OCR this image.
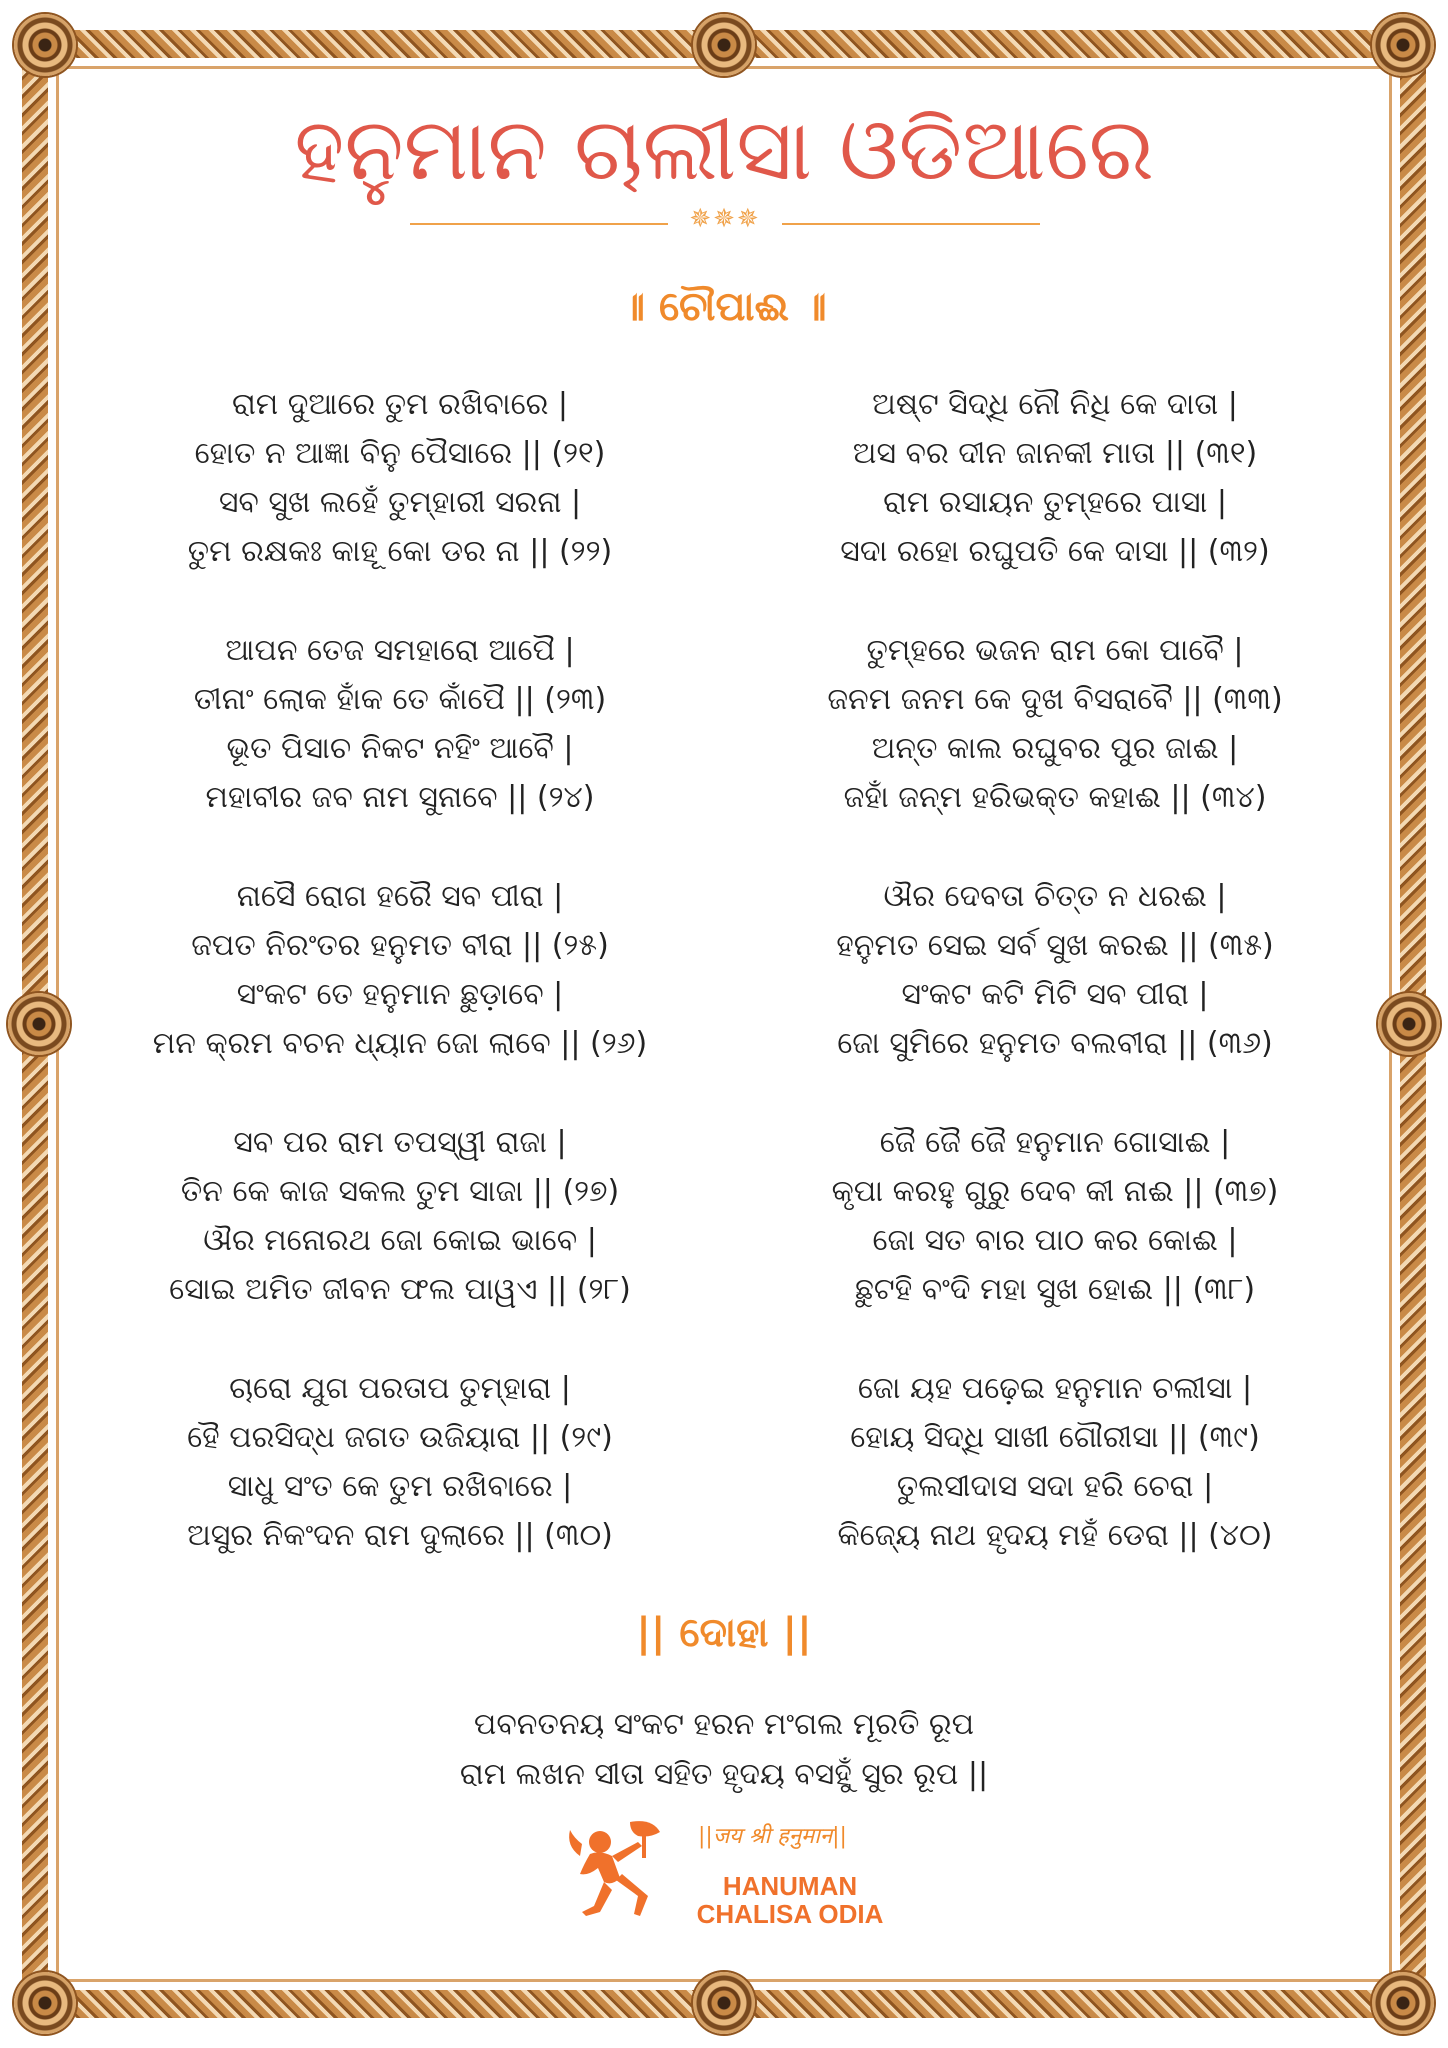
ହନୁମାନ ଚାଲୀସା ଓଡିଆରେ
✵✵✵
॥ ଚୌପାଈ ॥
ରାମ ଦୁଆରେ ତୁମ ରଖିବାରେ |
ହୋତ ନ ଆଜ୍ଞା ବିନୁ ପୈସାରେ || (୨୧)
ସବ ସୁଖ ଲହେଁ ତୁମ୍ହାରୀ ସରନା |
ତୁମ ରକ୍ଷକଃ କାହୂ କୋ ଡର ନା || (୨୨)
ଆପନ ତେଜ ସମହାରୋ ଆପୈ |
ତୀନାଂ ଲୋକ ହାଁକ ତେ କାଁପୈ || (୨୩)
ଭୂତ ପିସାଚ ନିକଟ ନହିଂ ଆବୈ |
ମହାବୀର ଜବ ନାମ ସୁନାବେ || (୨୪)
ନାସୈ ରୋଗ ହରୈ ସବ ପୀରା |
ଜପତ ନିରଂତର ହନୁମତ ବୀରା || (୨୫)
ସଂକଟ ତେ ହନୁମାନ ଛୁଡ଼ାବେ |
ମନ କ୍ରମ ବଚନ ଧ୍ୟାନ ଜୋ ଲାବେ || (୨୬)
ସବ ପର ରାମ ତପସ୍ୱୀ ରାଜା |
ତିନ କେ କାଜ ସକଲ ତୁମ ସାଜା || (୨୭)
ଔର ମନୋରଥ ଜୋ କୋଇ ଭାବେ |
ସୋଇ ଅମିତ ଜୀବନ ଫଲ ପାୱଏ || (୨୮)
ଚାରୋ ଯୁଗ ପରତାପ ତୁମ୍ହାରା |
ହୈ ପରସିଦ୍ଧ ଜଗତ ଉଜିୟାରା || (୨୯)
ସାଧୁ ସଂତ କେ ତୁମ ରଖିବାରେ |
ଅସୁର ନିକଂଦନ ରାମ ଦୁଲାରେ || (୩୦)
ଅଷ୍ଟ ସିଦ୍ଧି ନୌ ନିଧି କେ ଦାତା |
ଅସ ବର ଦୀନ ଜାନକୀ ମାତା || (୩୧)
ରାମ ରସାୟନ ତୁମ୍ହରେ ପାସା |
ସଦା ରହୋ ରଘୁପତି କେ ଦାସା || (୩୨)
ତୁମ୍ହରେ ଭଜନ ରାମ କୋ ପାବୈ |
ଜନମ ଜନମ କେ ଦୁଖ ବିସରାବୈ || (୩୩)
ଅନ୍ତ କାଲ ରଘୁବର ପୁର ଜାଈ |
ଜହାଁ ଜନ୍ମ ହରିଭକ୍ତ କହାଈ || (୩୪)
ଔର ଦେବତା ଚିତ୍ତ ନ ଧରଈ |
ହନୁମତ ସେଇ ସର୍ବ ସୁଖ କରଈ || (୩୫)
ସଂକଟ କଟି ମିଟି ସବ ପୀରା |
ଜୋ ସୁମିରେ ହନୁମତ ବଲବୀରା || (୩୬)
ଜୈ ଜୈ ଜୈ ହନୁମାନ ଗୋସାଈ |
କୃପା କରହୁ ଗୁରୁ ଦେବ କୀ ନାଈ || (୩୭)
ଜୋ ସତ ବାର ପାଠ କର କୋଈ |
ଛୁଟହି ବଂଦି ମହା ସୁଖ ହୋଈ || (୩୮)
ଜୋ ୟହ ପଢ଼େଇ ହନୁମାନ ଚଲୀସା |
ହୋୟ ସିଦ୍ଧି ସାଖୀ ଗୌରୀସା || (୩୯)
ତୁଲସୀଦାସ ସଦା ହରି ଚେରା |
କିଜ୍ୟେ ନାଥ ହୃଦୟ ମହଁ ଡେରା || (୪୦)
|| ଦୋହା ||
ପବନତନୟ ସଂକଟ ହରନ ମଂଗଲ ମୂରତି ରୂପ
ରାମ ଲଖନ ସୀତା ସହିତ ହୃଦୟ ବସହୁଁ ସୁର ରୂପ ||
||जय श्री हनुमान||
HANUMAN
CHALISA ODIA
